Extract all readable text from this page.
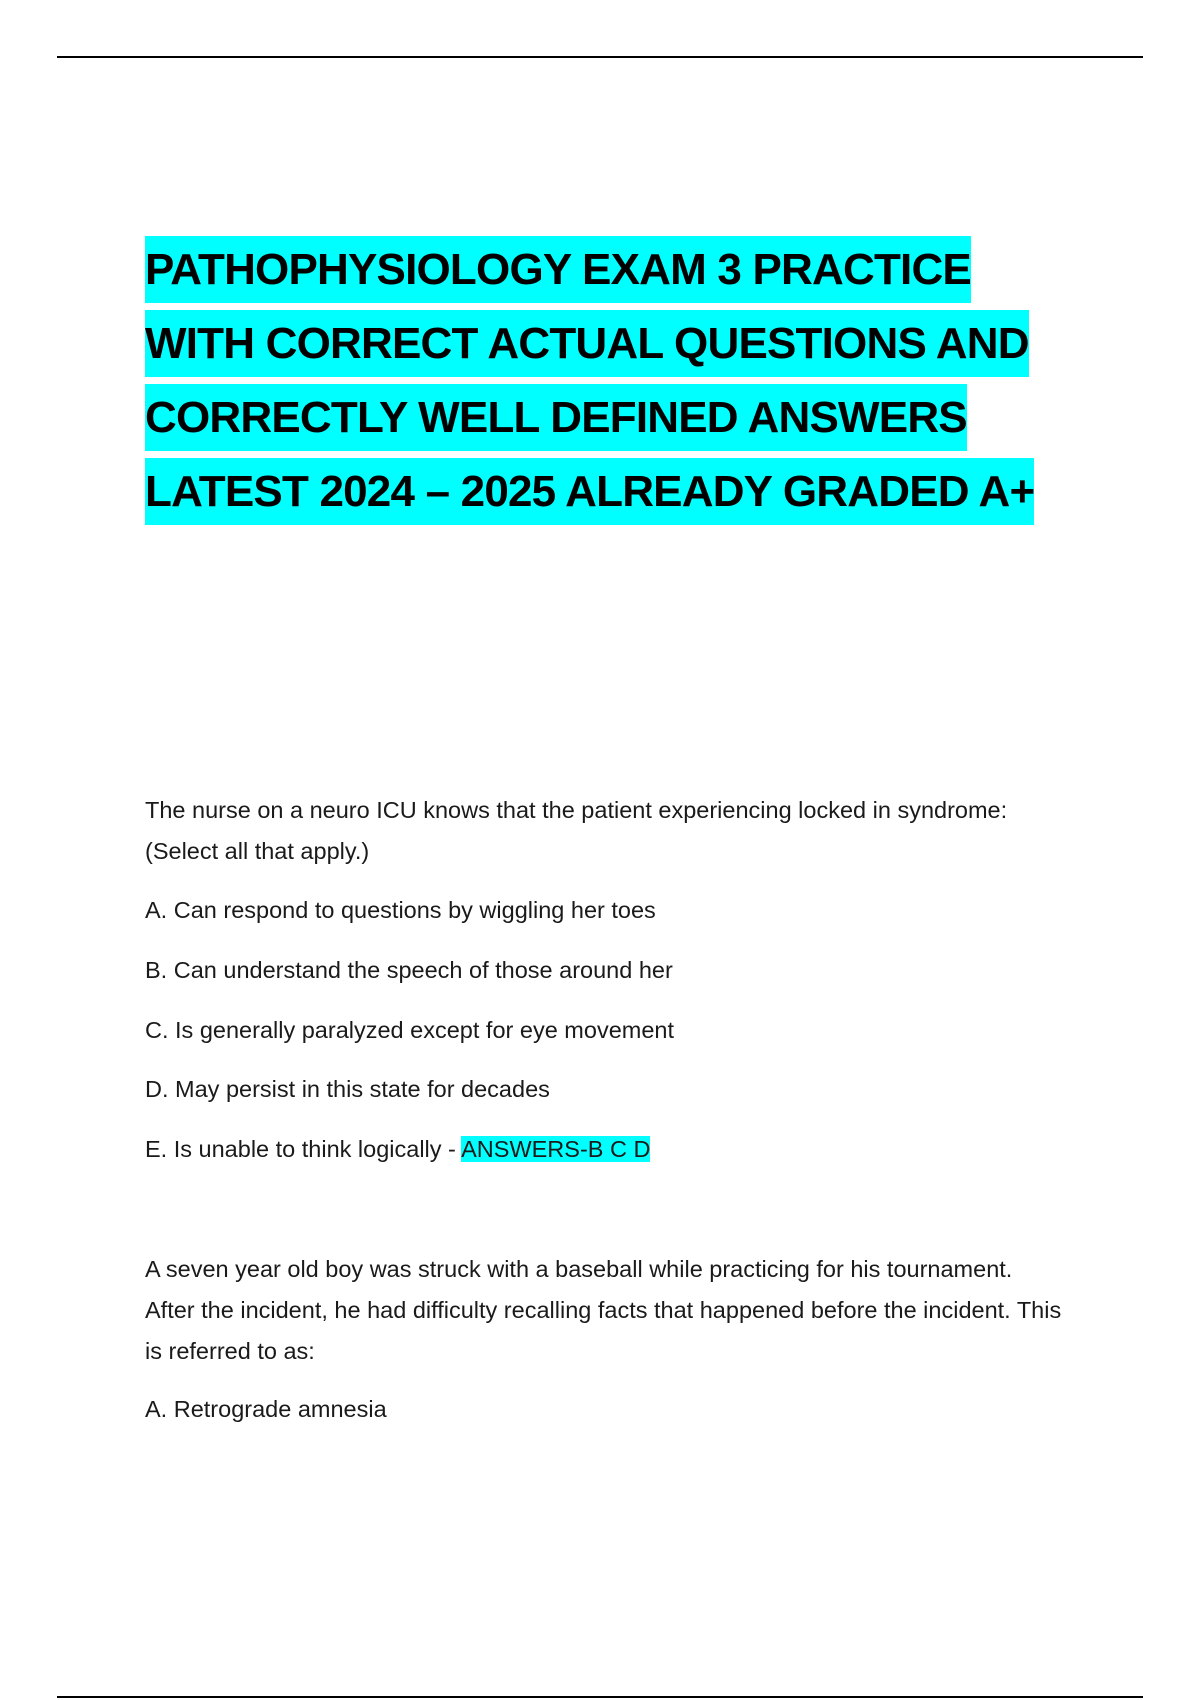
PATHOPHYSIOLOGY EXAM 3 PRACTICE
WITH CORRECT ACTUAL QUESTIONS AND
CORRECTLY WELL DEFINED ANSWERS
LATEST 2024 – 2025 ALREADY GRADED A+
The nurse on a neuro ICU knows that the patient experiencing locked in syndrome: (Select all that apply.)
A. Can respond to questions by wiggling her toes
B. Can understand the speech of those around her
C. Is generally paralyzed except for eye movement
D. May persist in this state for decades
E. Is unable to think logically - ANSWERS-B C D
A seven year old boy was struck with a baseball while practicing for his tournament. After the incident, he had difficulty recalling facts that happened before the incident. This is referred to as:
A. Retrograde amnesia
